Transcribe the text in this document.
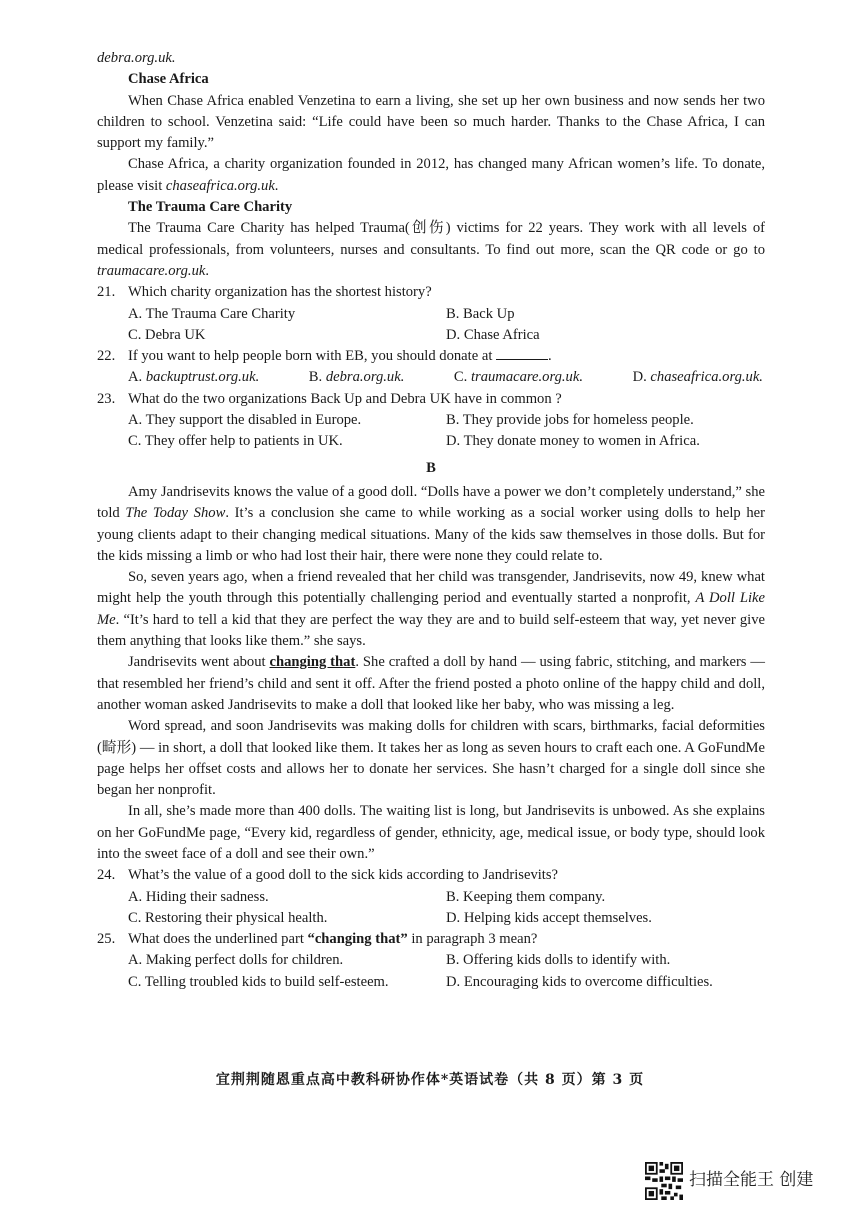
debra.org.uk.

Chase Africa

When Chase Africa enabled Venzetina to earn a living, she set up her own business and now sends her two children to school. Venzetina said: “Life could have been so much harder. Thanks to the Chase Africa, I can support my family.”

Chase Africa, a charity organization founded in 2012, has changed many African women’s life. To donate, please visit chaseafrica.org.uk.

The Trauma Care Charity

The Trauma Care Charity has helped Trauma(创伤) victims for 22 years. They work with all levels of medical professionals, from volunteers, nurses and consultants. To find out more, scan the QR code or go to traumacare.org.uk.

21. Which charity organization has the shortest history?
A. The Trauma Care Charity	B. Back Up
C. Debra UK	D. Chase Africa
22. If you want to help people born with EB, you should donate at	.
A. backuptrust.org.uk.	B. debra.org.uk.	C. traumacare.org.uk.	D. chaseafrica.org.uk.
23. What do the two organizations Back Up and Debra UK have in common ?
A. They support the disabled in Europe.	B. They provide jobs for homeless people.
C. They offer help to patients in UK.	D. They donate money to women in Africa.

B

Amy Jandrisevits knows the value of a good doll. “Dolls have a power we don’t completely understand,” she told The Today Show. It’s a conclusion she came to while working as a social worker using dolls to help her young clients adapt to their changing medical situations. Many of the kids saw themselves in those dolls. But for the kids missing a limb or who had lost their hair, there were none they could relate to.

So, seven years ago, when a friend revealed that her child was transgender, Jandrisevits, now 49, knew what might help the youth through this potentially challenging period and eventually started a nonprofit, A Doll Like Me. “It’s hard to tell a kid that they are perfect the way they are and to build self-esteem that way, yet never give them anything that looks like them.” she says.

Jandrisevits went about changing that. She crafted a doll by hand — using fabric, stitching, and markers — that resembled her friend’s child and sent it off. After the friend posted a photo online of the happy child and doll, another woman asked Jandrisevits to make a doll that looked like her baby, who was missing a leg.

Word spread, and soon Jandrisevits was making dolls for children with scars, birthmarks, facial deformities (畸形) — in short, a doll that looked like them. It takes her as long as seven hours to craft each one. A GoFundMe page helps her offset costs and allows her to donate her services. She hasn’t charged for a single doll since she began her nonprofit.

In all, she’s made more than 400 dolls. The waiting list is long, but Jandrisevits is unbowed. As she explains on her GoFundMe page, “Every kid, regardless of gender, ethnicity, age, medical issue, or body type, should look into the sweet face of a doll and see their own.”

24. What’s the value of a good doll to the sick kids according to Jandrisevits?
A. Hiding their sadness.	B. Keeping them company.
C. Restoring their physical health.	D. Helping kids accept themselves.
25. What does the underlined part “changing that” in paragraph 3 mean?
A. Making perfect dolls for children.	B. Offering kids dolls to identify with.
C. Telling troubled kids to build self-esteem.	D. Encouraging kids to overcome difficulties.
宜荆荆随恩重点高中教科研协作体*英语试卷（共 8 页）第 3 页
扫描全能王 创建
